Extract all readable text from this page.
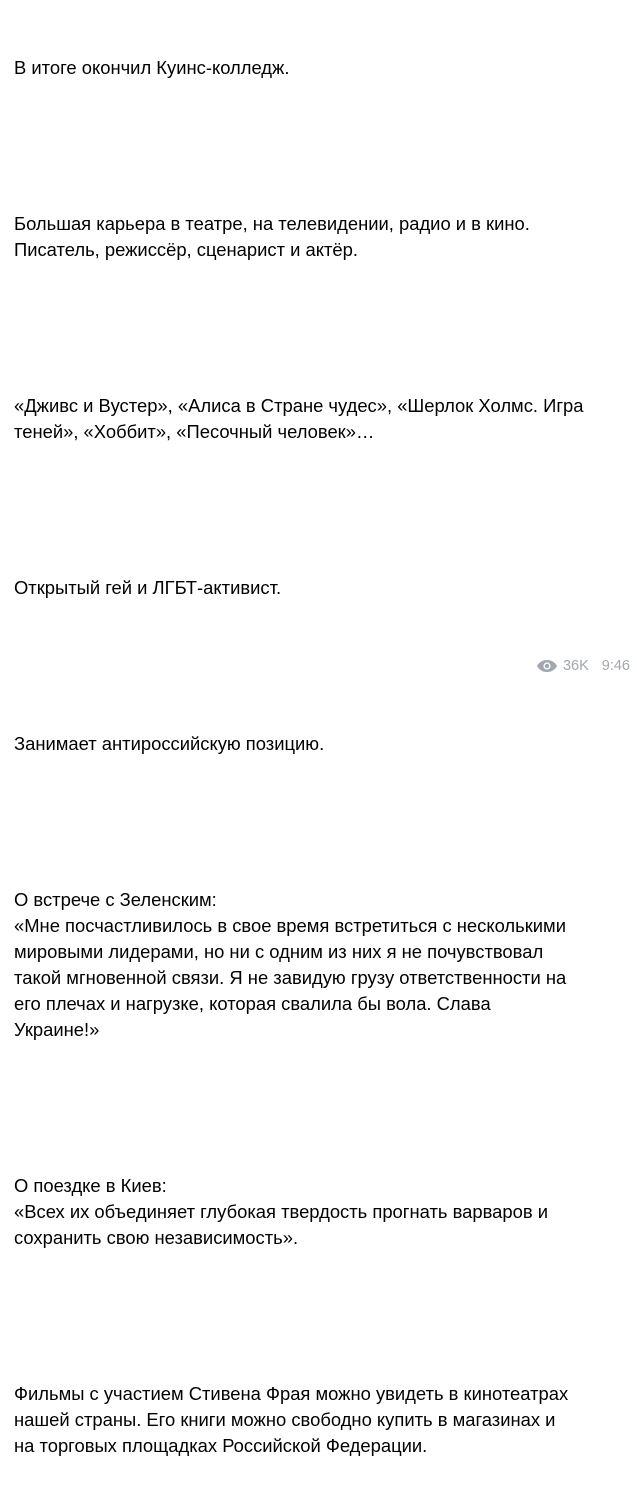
В итоге окончил Куинс-колледж.

Большая карьера в театре, на телевидении, радио и в кино.
Писатель, режиссёр, сценарист и актёр.

«Дживс и Вустер», «Алиса в Стране чудес», «Шерлок Холмс. Игра
теней», «Хоббит», «Песочный человек»…

Открытый гей и ЛГБТ-активист.

Занимает антироссийскую позицию.

О встрече с Зеленским:
«Мне посчастливилось в свое время встретиться с несколькими
мировыми лидерами, но ни с одним из них я не почувствовал
такой мгновенной связи. Я не завидую грузу ответственности на
его плечах и нагрузке, которая свалила бы вола. Слава
Украине!»

О поездке в Киев:
«Всех их объединяет глубокая твердость прогнать варваров и
сохранить свою независимость».

Фильмы с участием Стивена Фрая можно увидеть в кинотеатрах
нашей страны. Его книги можно свободно купить в магазинах и
на торговых площадках Российской Федерации.

36K 9:46
